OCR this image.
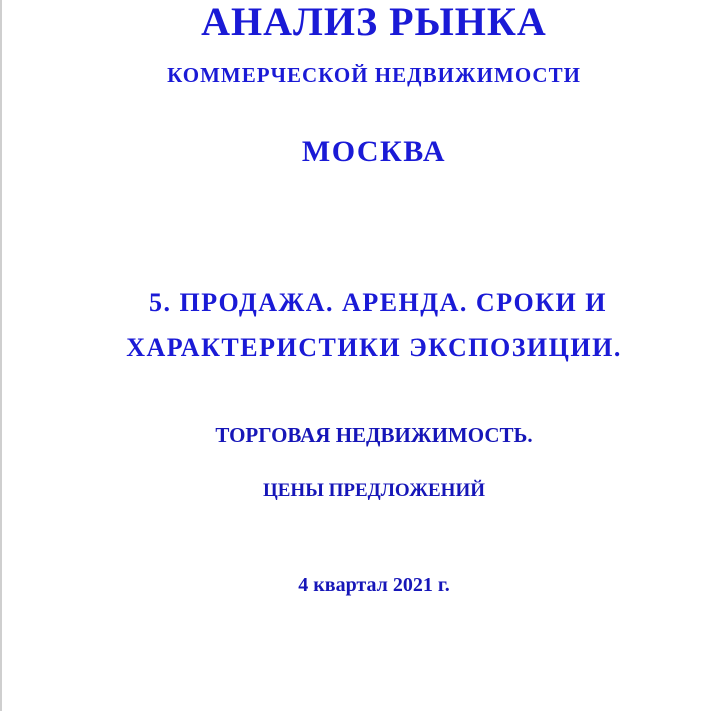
АНАЛИЗ РЫНКА
КОММЕРЧЕСКОЙ НЕДВИЖИМОСТИ
МОСКВА
5. ПРОДАЖА. АРЕНДА. СРОКИ И
ХАРАКТЕРИСТИКИ ЭКСПОЗИЦИИ.
ТОРГОВАЯ НЕДВИЖИМОСТЬ.
ЦЕНЫ ПРЕДЛОЖЕНИЙ
4 квартал 2021 г.
